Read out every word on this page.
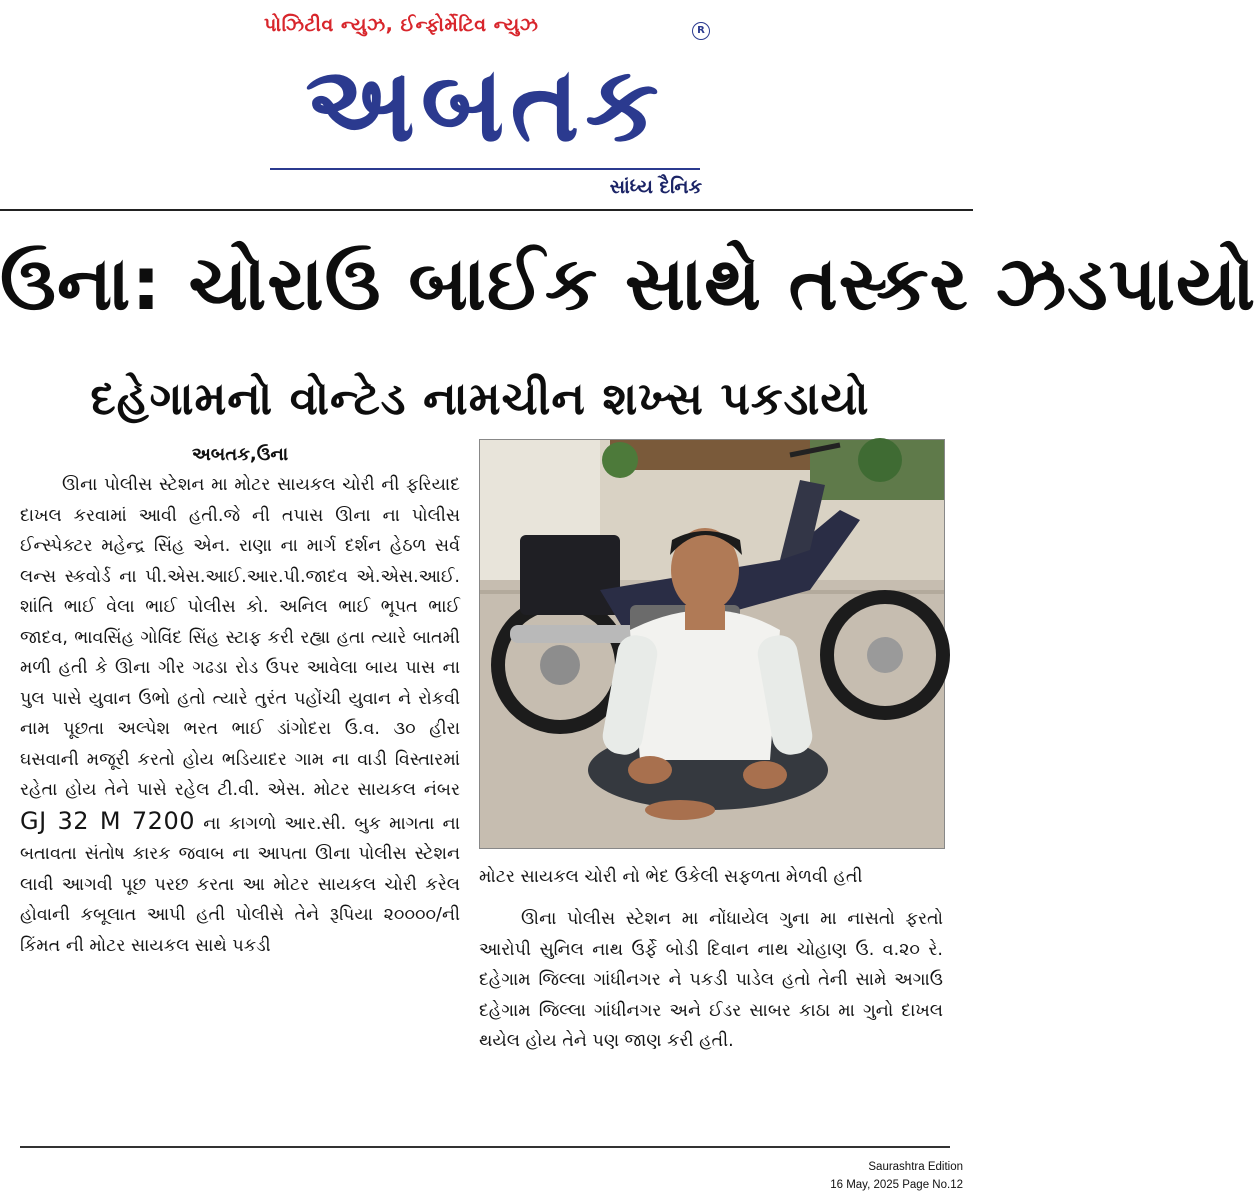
પોઝિટીવ ન્યુઝ, ઈન્ફોર્મેટિવ ન્યુઝ	R
અબતક
સાંધ્ય દૈનિક
ઉના: ચોરાઉ બાઈક સાથે તસ્કર ઝડપાયો
દહેગામનો વોન્ટેડ નામચીન શખ્સ પકડાયો
અબતક,ઉના

ઊના પોલીસ સ્ટેશન મા મોટર સાયકલ ચોરી ની ફરિયાદ દાખલ કરવામાં આવી હતી.જે ની તપાસ ઊના ના પોલીસ ઈન્સ્પેક્ટર મહેન્દ્ર સિંહ એન. રાણા ના માર્ગ દર્શન હેઠળ સર્વ લન્સ સ્કવોર્ડ ના પી.એસ.આઈ.આર.પી.જાદવ એ.એસ.આઈ. શાંતિ ભાઈ વેલા ભાઈ પોલીસ કો. અનિલ ભાઈ ભૂપત ભાઈ જાદવ, ભાવસિંહ ગોવિંદ સિંહ સ્ટાફ કરી રહ્યા હતા ત્યારે બાતમી મળી હતી કે ઊના ગીર ગઢડા રોડ ઉપર આવેલા બાય પાસ ના પુલ પાસે યુવાન ઉભો હતો ત્યારે તુરંત પહોંચી યુવાન ને રોકવી નામ પૂછતા અલ્પેશ ભરત ભાઈ ડાંગોદરા ઉ.વ. ૩૦ હીરા ઘસવાની મજૂરી કરતો હોય ભડિયાદર ગામ ના વાડી વિસ્તારમાં રહેતા હોય તેને પાસે રહેલ ટી.વી. એસ. મોટર સાયકલ નંબર GJ 32 M 7200 ના કાગળો આર.સી. બુક માગતા ના બતાવતા સંતોષ કારક જવાબ ના આપતા ઊના પોલીસ સ્ટેશન લાવી આગવી પૂછ પરછ કરતા આ મોટર સાયકલ ચોરી કરેલ હોવાની કબૂલાત આપી હતી પોલીસે તેને રૂપિયા ૨૦૦૦૦/ની કિંમત ની મોટર સાયકલ સાથે પકડી

મોટર સાયકલ ચોરી નો ભેદ ઉકેલી સફળતા મેળવી હતી

ઊના પોલીસ સ્ટેશન મા નોંધાયેલ ગુના મા નાસતો ફરતો આરોપી સુનિલ નાથ ઉર્ફે બોડી દિવાન નાથ ચોહાણ ઉ. વ.૨૦ રે. દહેગામ જિલ્લા ગાંધીનગર ને પકડી પાડેલ હતો તેની સામે અગાઉ દહેગામ જિલ્લા ગાંધીનગર અને ઈડર સાબર કાઠા મા ગુનો દાખલ થયેલ હોય તેને પણ જાણ કરી હતી.

Saurashtra Edition
16 May, 2025 Page No.12
